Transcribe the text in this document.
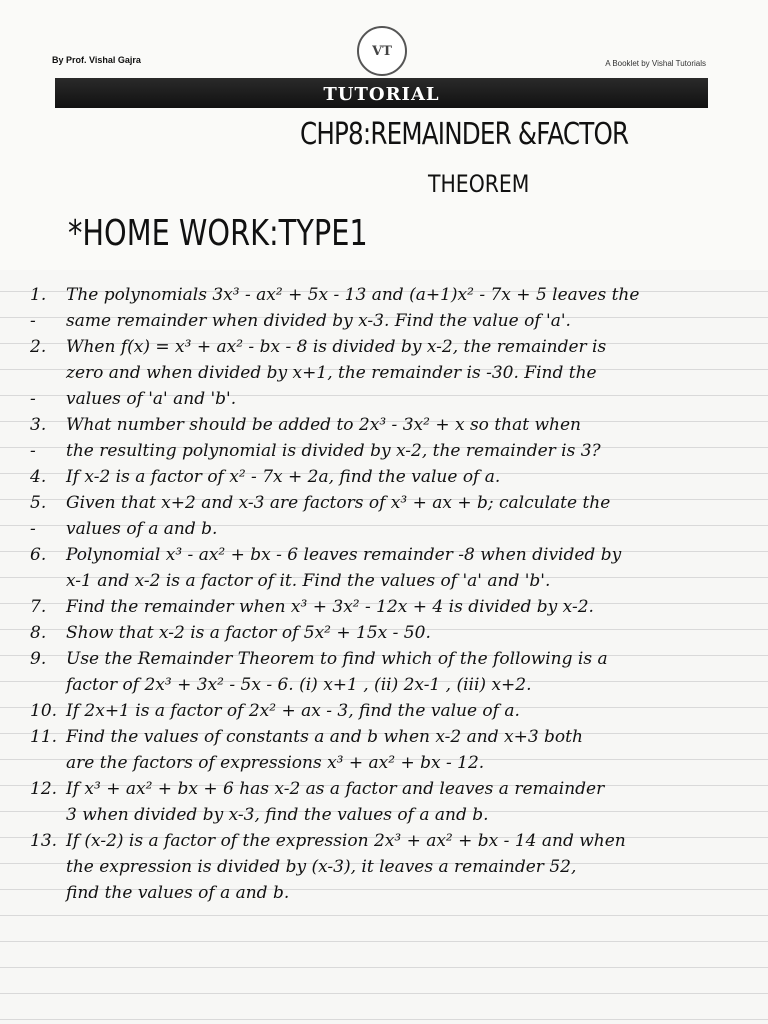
By Prof. Vishal Gajra
VT
A Booklet by Vishal Tutorials
TUTORIAL
CHP8:REMAINDER &FACTOR
THEOREM
*HOME WORK:TYPE1
1. The polynomials 3x³ - ax² + 5x - 13 and (a+1)x² - 7x + 5 leaves the
- same remainder when divided by x-3. Find the value of 'a'.
2. When f(x) = x³ + ax² - bx - 8 is divided by x-2, the remainder is
zero and when divided by x+1, the remainder is -30. Find the
- values of 'a' and 'b'.
3. What number should be added to 2x³ - 3x² + x so that when
- the resulting polynomial is divided by x-2, the remainder is 3?
4. If x-2 is a factor of x² - 7x + 2a, find the value of a.
5. Given that x+2 and x-3 are factors of x³ + ax + b; calculate the
- values of a and b.
6. Polynomial x³ - ax² + bx - 6 leaves remainder -8 when divided by
x-1 and x-2 is a factor of it. Find the values of 'a' and 'b'.
7. Find the remainder when x³ + 3x² - 12x + 4 is divided by x-2.
8. Show that x-2 is a factor of 5x² + 15x - 50.
9. Use the Remainder Theorem to find which of the following is a
factor of 2x³ + 3x² - 5x - 6. (i) x+1 , (ii) 2x-1 , (iii) x+2.
10. If 2x+1 is a factor of 2x² + ax - 3, find the value of a.
11. Find the values of constants a and b when x-2 and x+3 both
are the factors of expressions x³ + ax² + bx - 12.
12. If x³ + ax² + bx + 6 has x-2 as a factor and leaves a remainder
3 when divided by x-3, find the values of a and b.
13. If (x-2) is a factor of the expression 2x³ + ax² + bx - 14 and when
the expression is divided by (x-3), it leaves a remainder 52,
find the values of a and b.
